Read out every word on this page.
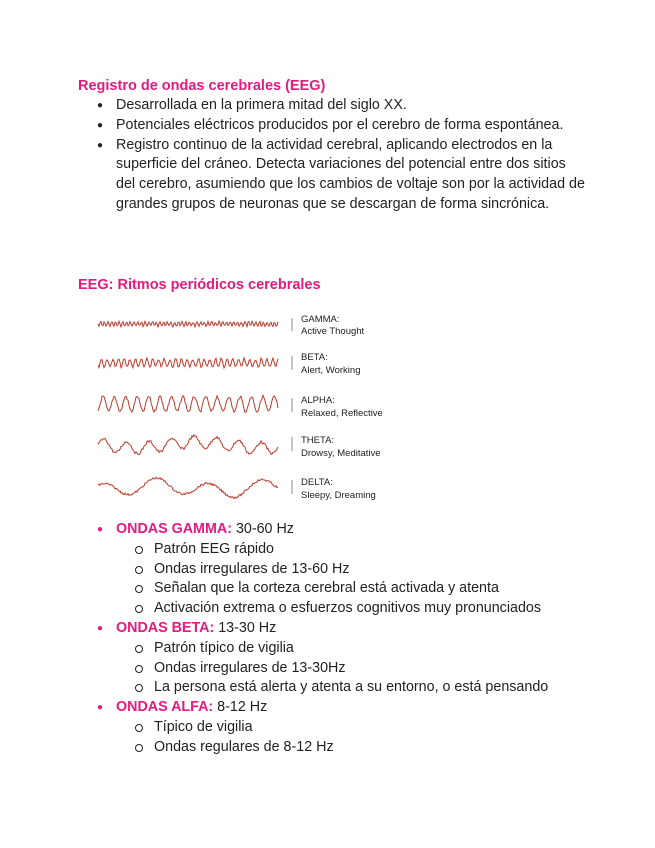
Registro de ondas cerebrales (EEG)
● Desarrollada en la primera mitad del siglo XX.
● Potenciales eléctricos producidos por el cerebro de forma espontánea.
● Registro continuo de la actividad cerebral, aplicando electrodos en la superficie del cráneo. Detecta variaciones del potencial entre dos sitios del cerebro, asumiendo que los cambios de voltaje son por la actividad de grandes grupos de neuronas que se descargan de forma sincrónica.
EEG: Ritmos periódicos cerebrales
GAMMA:
Active Thought
BETA:
Alert, Working
ALPHA:
Relaxed, Reflective
THETA:
Drowsy, Meditative
DELTA:
Sleepy, Dreaming
● ONDAS GAMMA: 30-60 Hz
Patrón EEG rápido
Ondas irregulares de 13-60 Hz
Señalan que la corteza cerebral está activada y atenta
Activación extrema o esfuerzos cognitivos muy pronunciados
● ONDAS BETA: 13-30 Hz
Patrón típico de vigilia
Ondas irregulares de 13-30Hz
La persona está alerta y atenta a su entorno, o está pensando
● ONDAS ALFA: 8-12 Hz
Típico de vigilia
Ondas regulares de 8-12 Hz
